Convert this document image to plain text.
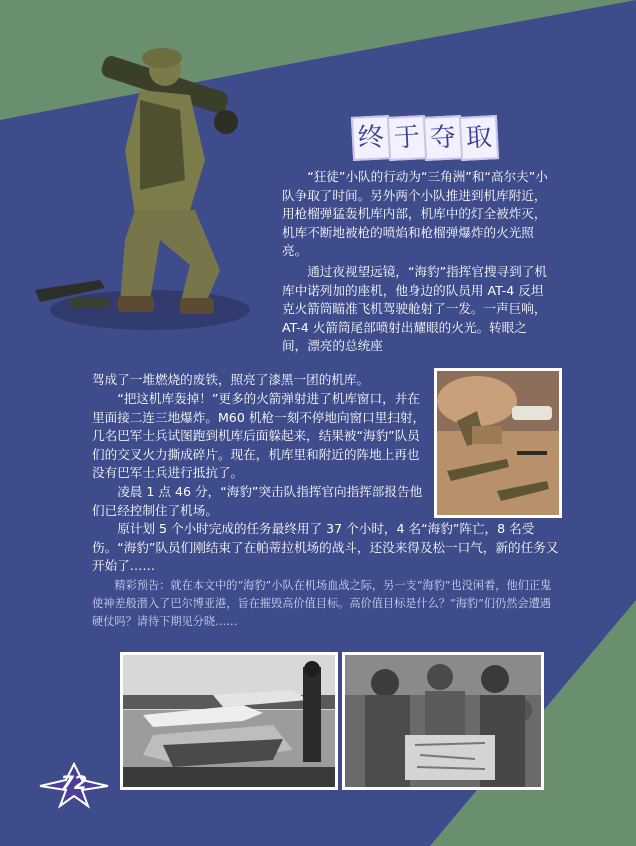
终 于 夺 取

“狂徒”小队的行动为“三角洲”和“高尔夫”小队争取了时间。另外两个小队推进到机库附近，用枪榴弹猛轰机库内部，机库中的灯全被炸灭，机库不断地被枪的喷焰和枪榴弹爆炸的火光照亮。

通过夜视望远镜，“海豹”指挥官搜寻到了机库中诺列加的座机，他身边的队员用 AT-4 反坦克火箭筒瞄准飞机驾驶舱射了一发。一声巨响，AT-4 火箭筒尾部喷射出耀眼的火光。转眼之间，漂亮的总统座

驾成了一堆燃烧的废铁，照亮了漆黑一团的机库。

“把这机库轰掉！”更多的火箭弹射进了机库窗口，并在里面接二连三地爆炸。M60 机枪一刻不停地向窗口里扫射，几名巴军士兵试图跑到机库后面躲起来，结果被“海豹”队员们的交叉火力撕成碎片。现在，机库里和附近的阵地上再也没有巴军士兵进行抵抗了。

凌晨 1 点 46 分，“海豹”突击队指挥官向指挥部报告他们已经控制住了机场。

原计划 5 个小时完成的任务最终用了 37 个小时，4 名“海豹”阵亡，8 名受伤。“海豹”队员们刚结束了在帕蒂拉机场的战斗，还没来得及松一口气，新的任务又开始了……

精彩预告：就在本文中的“海豹”小队在机场血战之际，另一支“海豹”也没闲着，他们正鬼使神差般潜入了巴尔博亚港，旨在摧毁高价值目标。高价值目标是什么？“海豹”们仍然会遭遇硬仗吗？请待下期见分晓……

72
